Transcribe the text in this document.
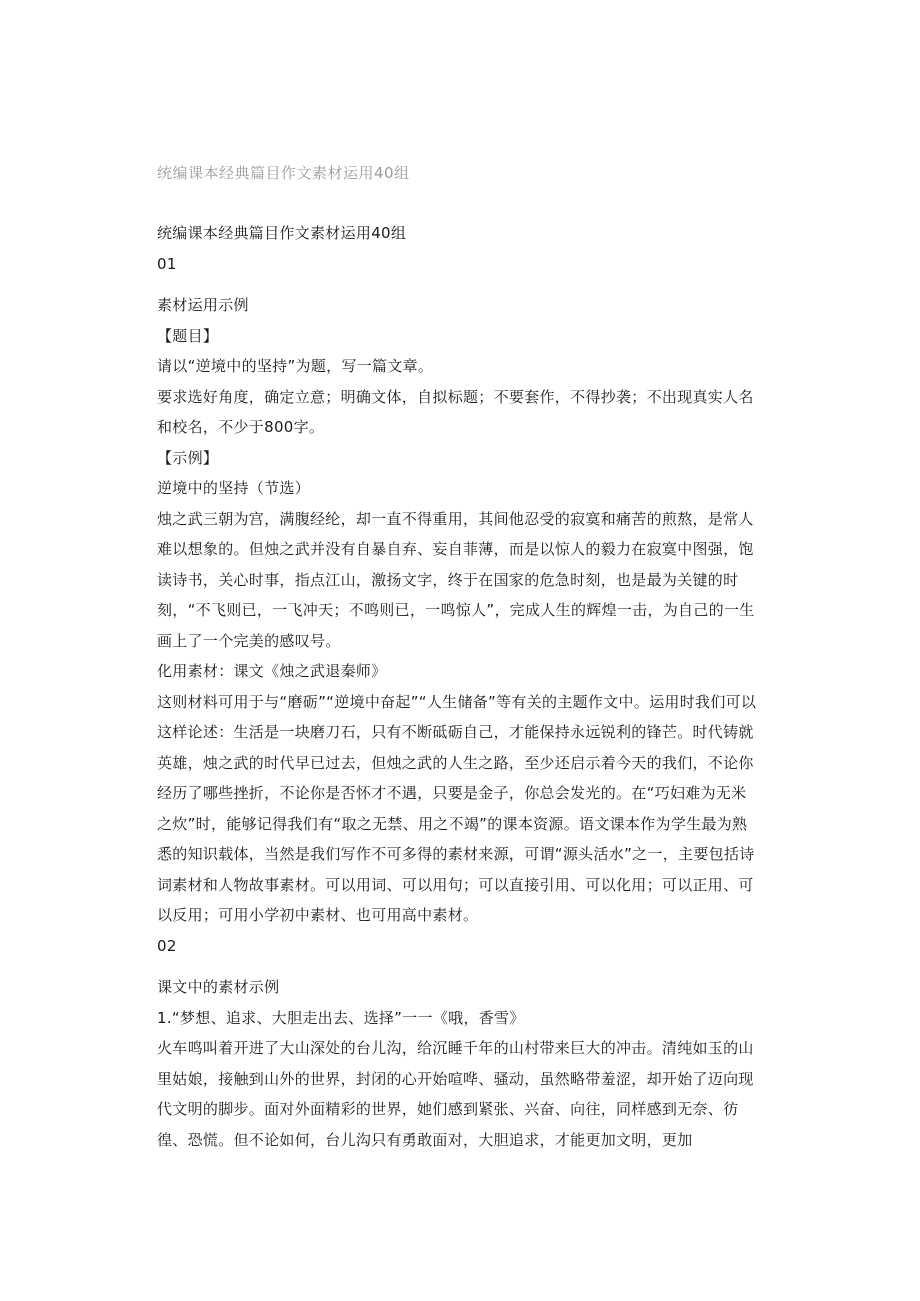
统编课本经典篇目作文素材运用40组

统编课本经典篇目作文素材运用40组

01

素材运用示例

【题目】

请以“逆境中的坚持”为题，写一篇文章。

要求选好角度，确定立意；明确文体，自拟标题；不要套作，不得抄袭；不出现真实人名和校名，不少于800字。

【示例】

逆境中的坚持（节选）

烛之武三朝为宫，满腹经纶，却一直不得重用，其间他忍受的寂寞和痛苦的煎熬，是常人难以想象的。但烛之武并没有自暴自弃、妄自菲薄，而是以惊人的毅力在寂寞中图强，饱读诗书，关心时事，指点江山，激扬文字，终于在国家的危急时刻，也是最为关键的时刻，“不飞则已，一飞冲天；不鸣则已，一鸣惊人”，完成人生的辉煌一击，为自己的一生画上了一个完美的感叹号。

化用素材：课文《烛之武退秦师》

这则材料可用于与“磨砺”“逆境中奋起”“人生储备”等有关的主题作文中。运用时我们可以这样论述：生活是一块磨刀石，只有不断砥砺自己，才能保持永远锐利的锋芒。时代铸就英雄，烛之武的时代早已过去，但烛之武的人生之路，至少还启示着今天的我们，不论你经历了哪些挫折，不论你是否怀才不遇，只要是金子，你总会发光的。在“巧妇难为无米之炊”时，能够记得我们有“取之无禁、用之不竭”的课本资源。语文课本作为学生最为熟悉的知识载体，当然是我们写作不可多得的素材来源，可谓“源头活水”之一，主要包括诗词素材和人物故事素材。可以用词、可以用句；可以直接引用、可以化用；可以正用、可以反用；可用小学初中素材、也可用高中素材。

02

课文中的素材示例

1.“梦想、追求、大胆走出去、选择”一一《哦，香雪》

火车鸣叫着开进了大山深处的台儿沟，给沉睡千年的山村带来巨大的冲击。清纯如玉的山里姑娘，接触到山外的世界，封闭的心开始喧哗、骚动，虽然略带羞涩，却开始了迈向现代文明的脚步。面对外面精彩的世界，她们感到紧张、兴奋、向往，同样感到无奈、彷徨、恐慌。但不论如何，台儿沟只有勇敢面对，大胆追求，才能更加文明，更加
